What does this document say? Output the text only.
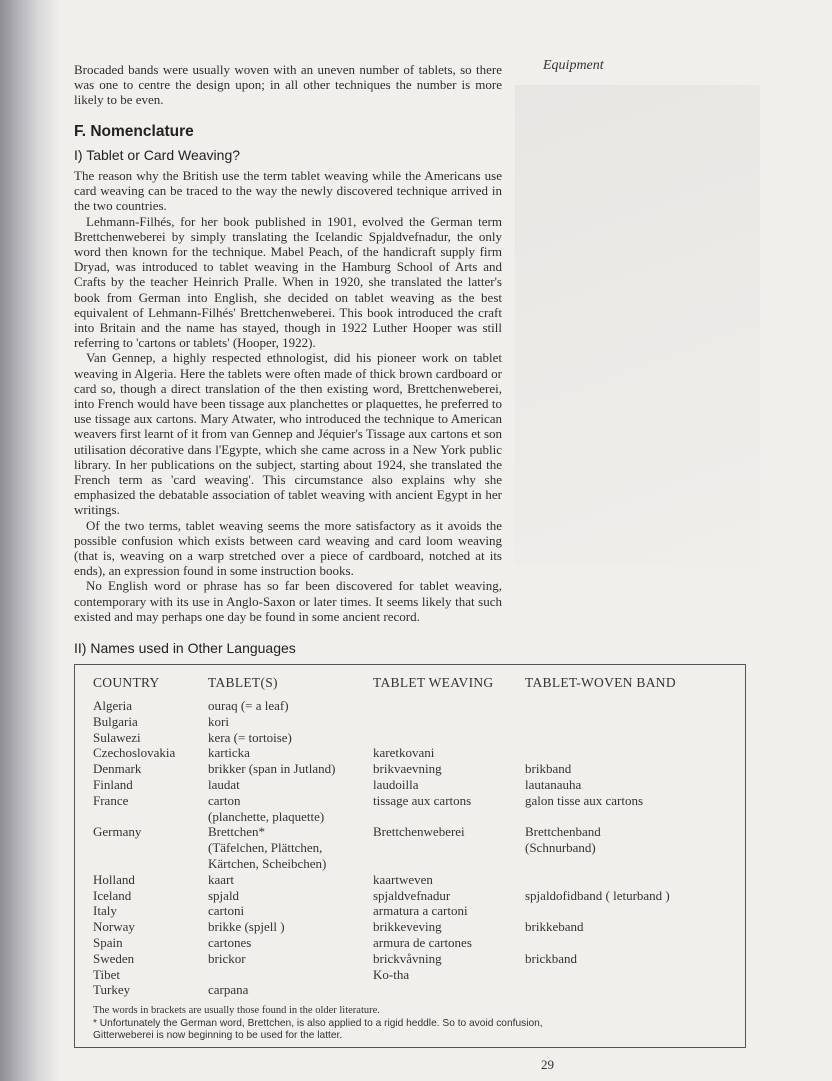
Equipment

Brocaded bands were usually woven with an uneven number of tablets, so there was one to centre the design upon; in all other techniques the number is more likely to be even.

F. Nomenclature
I) Tablet or Card Weaving?

The reason why the British use the term tablet weaving while the Americans use card weaving can be traced to the way the newly discovered technique arrived in the two countries.

Lehmann-Filhés, for her book published in 1901, evolved the German term Brettchenweberei by simply translating the Icelandic Spjaldvefnadur, the only word then known for the technique. Mabel Peach, of the handicraft supply firm Dryad, was introduced to tablet weaving in the Hamburg School of Arts and Crafts by the teacher Heinrich Pralle. When in 1920, she translated the latter's book from German into English, she decided on tablet weaving as the best equivalent of Lehmann-Filhés' Brettchenweberei. This book introduced the craft into Britain and the name has stayed, though in 1922 Luther Hooper was still referring to 'cartons or tablets' (Hooper, 1922).

Van Gennep, a highly respected ethnologist, did his pioneer work on tablet weaving in Algeria. Here the tablets were often made of thick brown cardboard or card so, though a direct translation of the then existing word, Brettchenweberei, into French would have been tissage aux planchettes or plaquettes, he preferred to use tissage aux cartons. Mary Atwater, who introduced the technique to American weavers first learnt of it from van Gennep and Jéquier's Tissage aux cartons et son utilisation décorative dans l'Egypte, which she came across in a New York public library. In her publications on the subject, starting about 1924, she translated the French term as 'card weaving'. This circumstance also explains why she emphasized the debatable association of tablet weaving with ancient Egypt in her writings.

Of the two terms, tablet weaving seems the more satisfactory as it avoids the possible confusion which exists between card weaving and card loom weaving (that is, weaving on a warp stretched over a piece of cardboard, notched at its ends), an expression found in some instruction books.

No English word or phrase has so far been discovered for tablet weaving, contemporary with its use in Anglo-Saxon or later times. It seems likely that such existed and may perhaps one day be found in some ancient record.

II) Names used in Other Languages
COUNTRY
Algeria
Bulgaria
Sulawezi
Czechoslovakia
Denmark
Finland
France

Germany

Holland
Iceland
Italy
Norway
Spain
Sweden
Tibet
Turkey
TABLET(S)
ouraq (= a leaf)
kori
kera (= tortoise)
karticka
brikker (span in Jutland)
laudat
carton
(planchette, plaquette)
Brettchen*
(Täfelchen, Plättchen,
Kärtchen, Scheibchen)
kaart
spjald
cartoni
brikke (spjell )
cartones
brickor

carpana
TABLET WEAVING

karetkovani
brikvaevning
laudoilla
tissage aux cartons

Brettchenweberei

kaartweven
spjaldvefnadur
armatura a cartoni
brikkeveving
armura de cartones
brickvåvning
Ko-tha

TABLET-WOVEN BAND

brikband
lautanauha
galon tisse aux cartons

Brettchenband
(Schnurband)

spjaldofidband ( leturband )

brikkeband

brickband

The words in brackets are usually those found in the older literature.
* Unfortunately the German word, Brettchen, is also applied to a rigid heddle. So to avoid confusion,
Gitterweberei is now beginning to be used for the latter.
29
